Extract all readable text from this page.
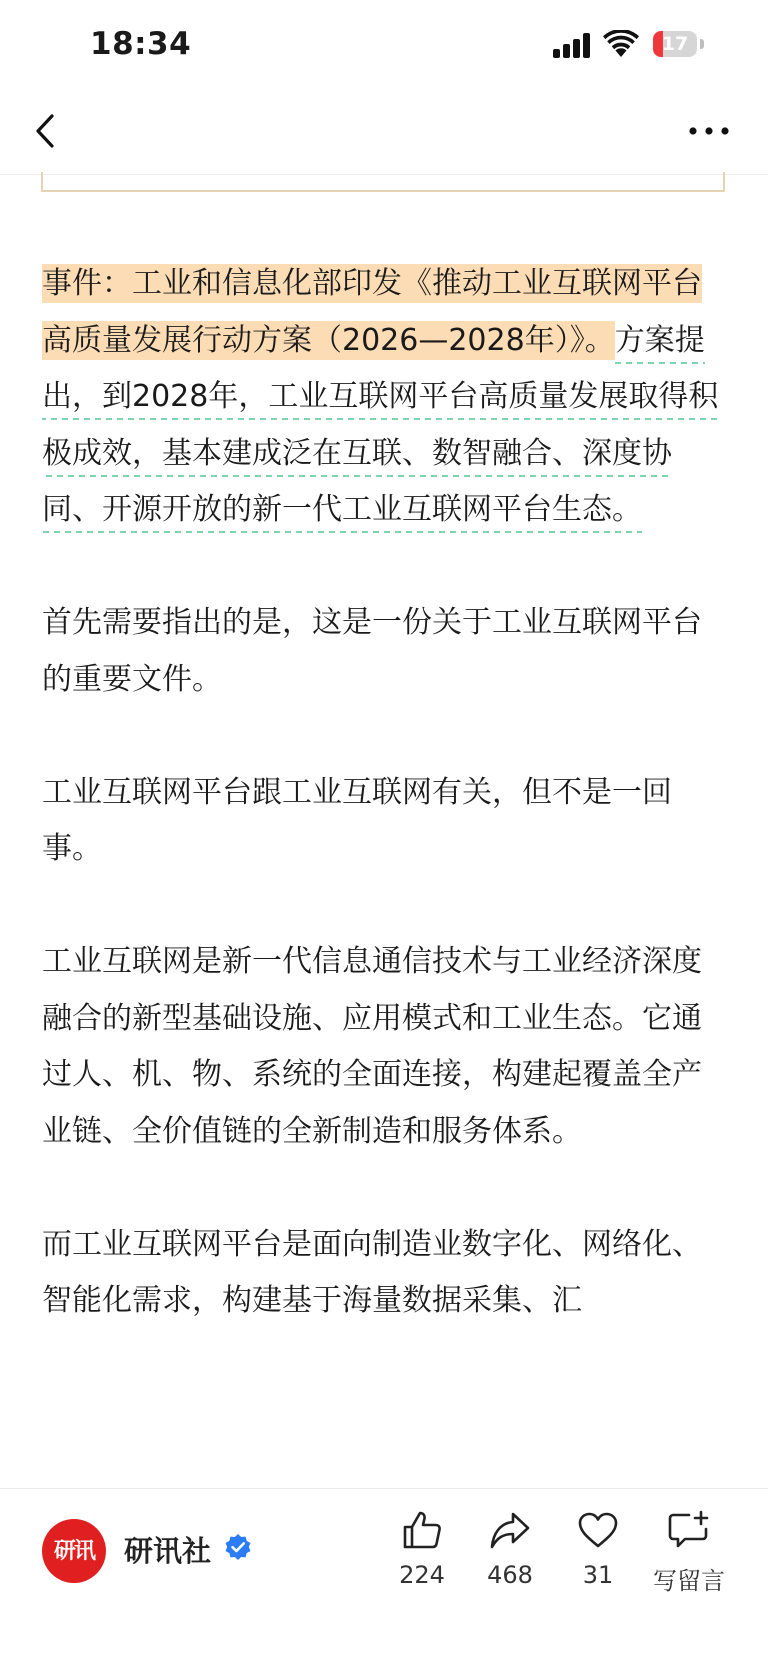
18:34	17

事件：工业和信息化部印发《推动工业互联网平台高质量发展行动方案（2026—2028年）》。方案提出，到2028年，工业互联网平台高质量发展取得积极成效，基本建成泛在互联、数智融合、深度协同、开源开放的新一代工业互联网平台生态。

首先需要指出的是，这是一份关于工业互联网平台的重要文件。

工业互联网平台跟工业互联网有关，但不是一回事。

工业互联网是新一代信息通信技术与工业经济深度融合的新型基础设施、应用模式和工业生态。它通过人、机、物、系统的全面连接，构建起覆盖全产业链、全价值链的全新制造和服务体系。

而工业互联网平台是面向制造业数字化、网络化、智能化需求，构建基于海量数据采集、汇

研讯	研讯社
224	468	31	写留言
